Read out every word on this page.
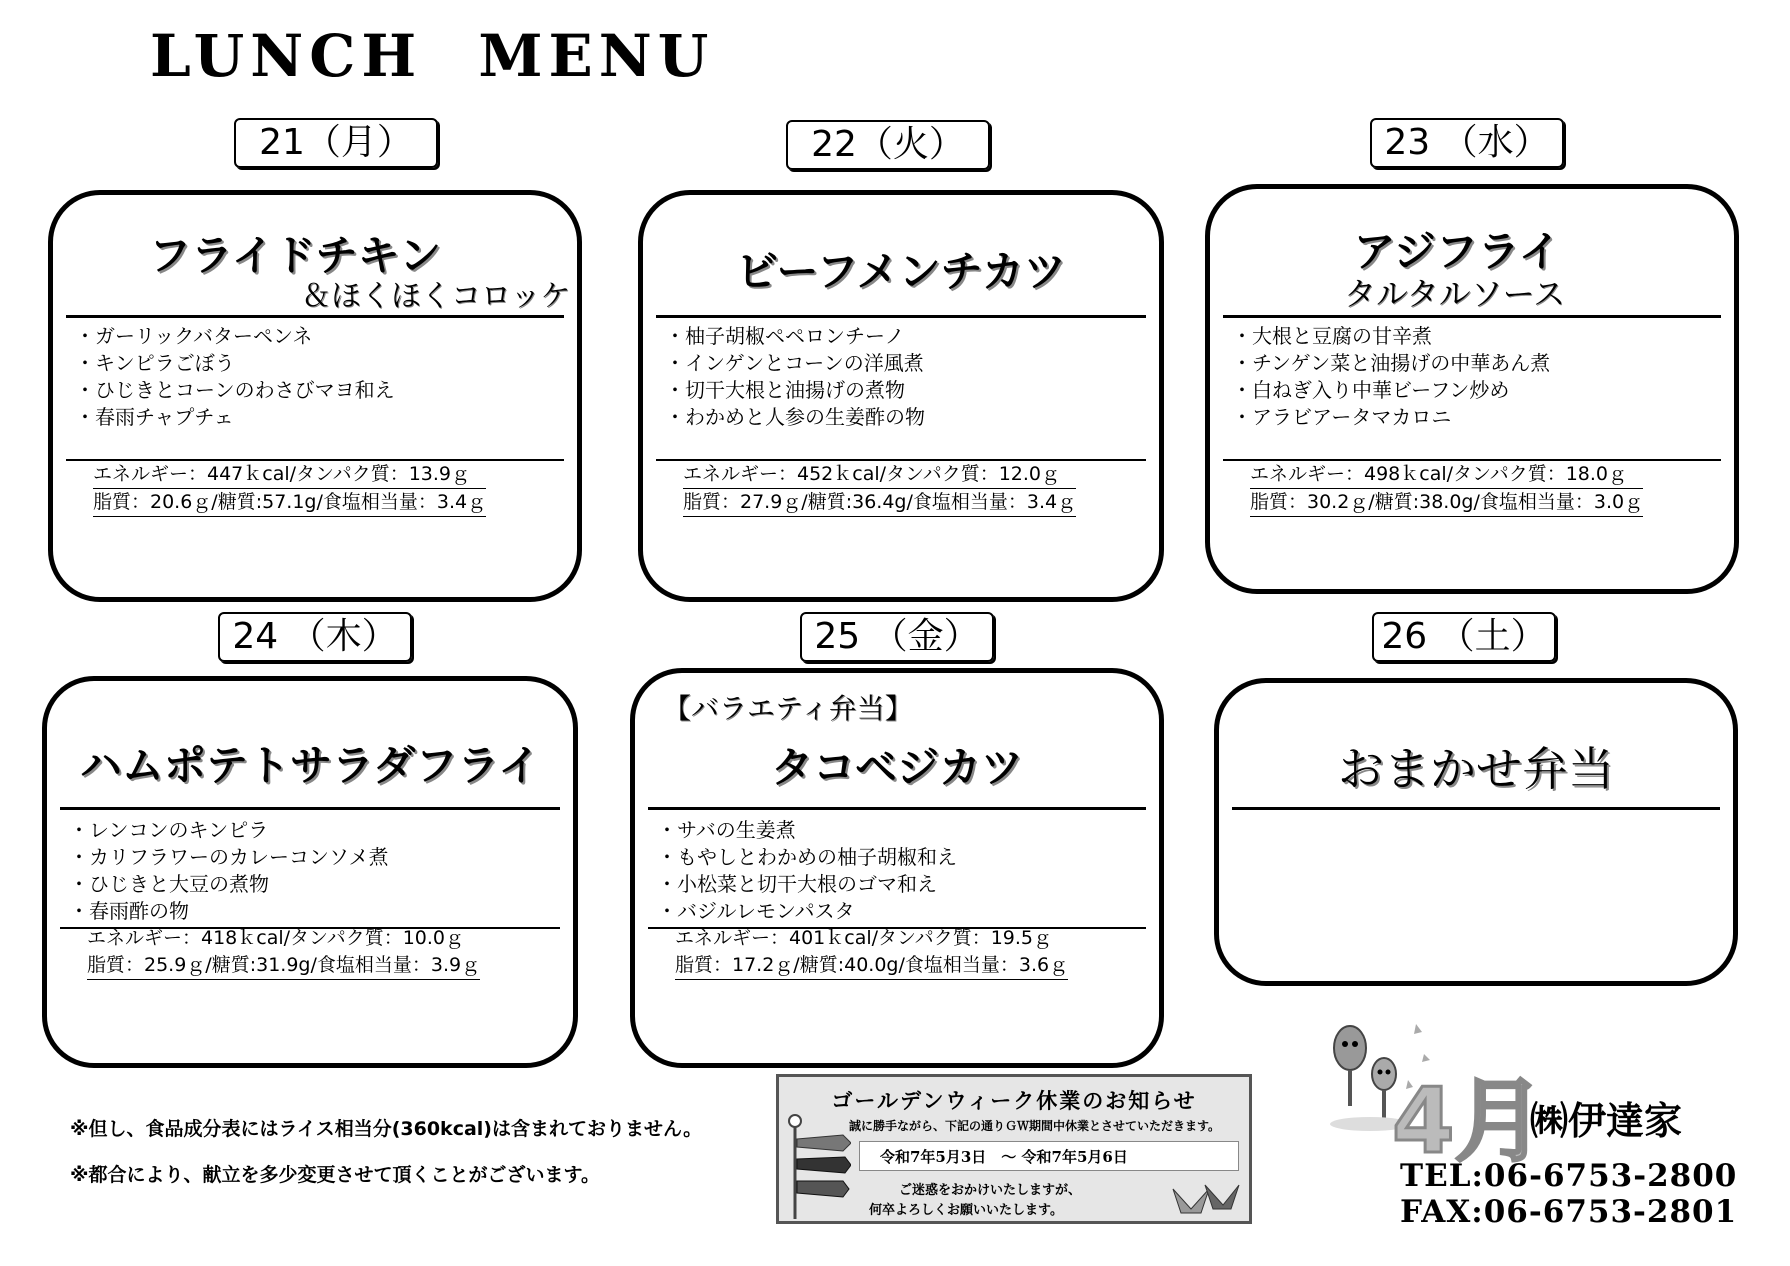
LUNCH MENU
21（月）
フライドチキン
＆ほくほくコロッケ
・ ガーリックバターペンネ
・ キンピラごぼう
・ ひじきとコーンのわさびマヨ和え
・ 春雨チャプチェ
エネルギー：447ｋcal/タンパク質：13.9ｇ
脂質：20.6ｇ/糖質:57.1g/食塩相当量：3.4ｇ
22（火）
ビーフメンチカツ
・ 柚子胡椒ペペロンチーノ
・ インゲンとコーンの洋風煮
・ 切干大根と油揚げの煮物
・ わかめと人参の生姜酢の物
エネルギー：452ｋcal/タンパク質：12.0ｇ
脂質：27.9ｇ/糖質:36.4g/食塩相当量：3.4ｇ
23 （水）
アジフライ
タルタルソース
・ 大根と豆腐の甘辛煮
・ チンゲン菜と油揚げの中華あん煮
・ 白ねぎ入り中華ビーフン炒め
・ アラビアータマカロニ
エネルギー：498ｋcal/タンパク質：18.0ｇ
脂質：30.2ｇ/糖質:38.0g/食塩相当量：3.0ｇ
24 （木）
ハムポテトサラダフライ
・ レンコンのキンピラ
・ カリフラワーのカレーコンソメ煮
・ ひじきと大豆の煮物
・ 春雨酢の物
エネルギー：418ｋcal/タンパク質：10.0ｇ
脂質：25.9ｇ/糖質:31.9g/食塩相当量：3.9ｇ
25 （金）
【バラエティ弁当】
タコベジカツ
・ サバの生姜煮
・ もやしとわかめの柚子胡椒和え
・ 小松菜と切干大根のゴマ和え
・ バジルレモンパスタ
エネルギー：401ｋcal/タンパク質：19.5ｇ
脂質：17.2ｇ/糖質:40.0g/食塩相当量：3.6ｇ
26 （土）
おまかせ弁当
※但し、食品成分表にはライス相当分(360kcal)は含まれておりません。
※都合により、献立を多少変更させて頂くことがございます。
ゴールデンウィーク休業のお知らせ
誠に勝手ながら、下記の通りＧＷ期間中休業とさせていただきます。
令和7年5月3日　～ 令和7年5月6日
ご迷惑をおかけいたしますが、
何卒よろしくお願いいたします。
4月
㈱伊達家
TEL:06-6753-2800
FAX:06-6753-2801
